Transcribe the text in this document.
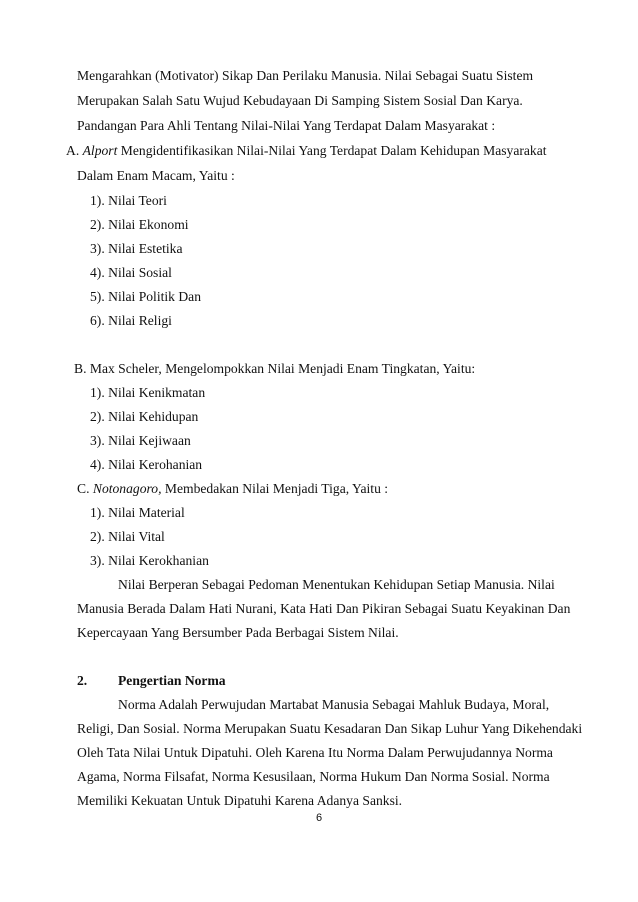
Mengarahkan (Motivator) Sikap Dan Perilaku Manusia. Nilai Sebagai Suatu Sistem
Merupakan Salah Satu Wujud Kebudayaan Di Samping Sistem Sosial Dan Karya.
Pandangan Para Ahli Tentang Nilai-Nilai Yang Terdapat Dalam Masyarakat :
A. Alport Mengidentifikasikan Nilai-Nilai Yang Terdapat Dalam Kehidupan Masyarakat
Dalam Enam Macam, Yaitu :
1). Nilai Teori
2). Nilai Ekonomi
3). Nilai Estetika
4). Nilai Sosial
5). Nilai Politik Dan
6). Nilai Religi
B. Max Scheler, Mengelompokkan Nilai Menjadi Enam Tingkatan, Yaitu:
1). Nilai Kenikmatan
2). Nilai Kehidupan
3). Nilai Kejiwaan
4). Nilai Kerohanian
C. Notonagoro, Membedakan Nilai Menjadi Tiga, Yaitu :
1). Nilai Material
2). Nilai Vital
3). Nilai Kerokhanian
Nilai Berperan Sebagai Pedoman Menentukan Kehidupan Setiap Manusia. Nilai
Manusia Berada Dalam Hati Nurani, Kata Hati Dan Pikiran Sebagai Suatu Keyakinan Dan
Kepercayaan Yang Bersumber Pada Berbagai Sistem Nilai.
2. Pengertian Norma
Norma Adalah Perwujudan Martabat Manusia Sebagai Mahluk Budaya, Moral,
Religi, Dan Sosial. Norma Merupakan Suatu Kesadaran Dan Sikap Luhur Yang Dikehendaki
Oleh Tata Nilai Untuk Dipatuhi. Oleh Karena Itu Norma Dalam Perwujudannya Norma
Agama, Norma Filsafat, Norma Kesusilaan, Norma Hukum Dan Norma Sosial. Norma
Memiliki Kekuatan Untuk Dipatuhi Karena Adanya Sanksi.
6
